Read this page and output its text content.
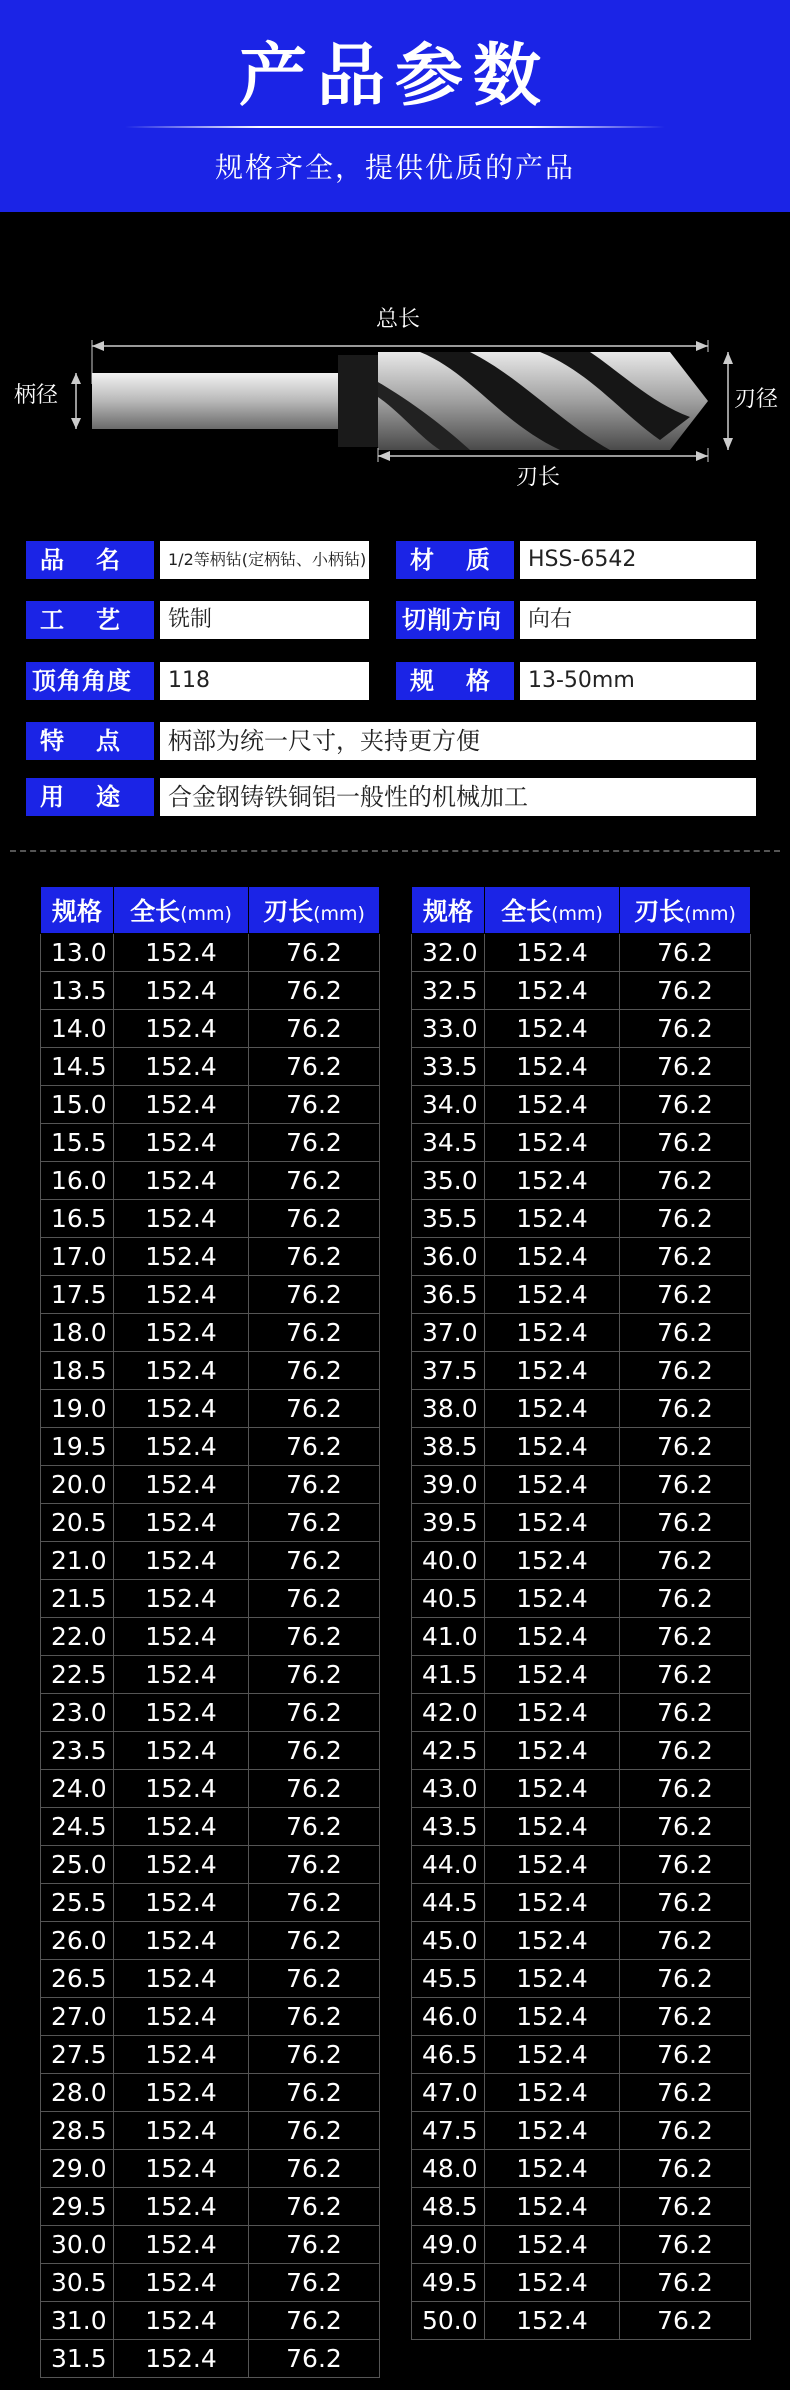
产品参数
规格齐全，提供优质的产品
总长
柄径	刃径
刃长
品　名	1/2等柄钻(定柄钻、小柄钻)	材　质	HSS-6542
工　艺	铣制	切削方向	向右
顶角角度	118	规　格	13-50mm
特　点	柄部为统一尺寸，夹持更方便
用　途	合金钢铸铁铜铝一般性的机械加工
规格	全长(mm)	刃长(mm)
13.0	152.4	76.2
13.5	152.4	76.2
14.0	152.4	76.2
14.5	152.4	76.2
15.0	152.4	76.2
15.5	152.4	76.2
16.0	152.4	76.2
16.5	152.4	76.2
17.0	152.4	76.2
17.5	152.4	76.2
18.0	152.4	76.2
18.5	152.4	76.2
19.0	152.4	76.2
19.5	152.4	76.2
20.0	152.4	76.2
20.5	152.4	76.2
21.0	152.4	76.2
21.5	152.4	76.2
22.0	152.4	76.2
22.5	152.4	76.2
23.0	152.4	76.2
23.5	152.4	76.2
24.0	152.4	76.2
24.5	152.4	76.2
25.0	152.4	76.2
25.5	152.4	76.2
26.0	152.4	76.2
26.5	152.4	76.2
27.0	152.4	76.2
27.5	152.4	76.2
28.0	152.4	76.2
28.5	152.4	76.2
29.0	152.4	76.2
29.5	152.4	76.2
30.0	152.4	76.2
30.5	152.4	76.2
31.0	152.4	76.2
31.5	152.4	76.2
规格	全长(mm)	刃长(mm)
32.0	152.4	76.2
32.5	152.4	76.2
33.0	152.4	76.2
33.5	152.4	76.2
34.0	152.4	76.2
34.5	152.4	76.2
35.0	152.4	76.2
35.5	152.4	76.2
36.0	152.4	76.2
36.5	152.4	76.2
37.0	152.4	76.2
37.5	152.4	76.2
38.0	152.4	76.2
38.5	152.4	76.2
39.0	152.4	76.2
39.5	152.4	76.2
40.0	152.4	76.2
40.5	152.4	76.2
41.0	152.4	76.2
41.5	152.4	76.2
42.0	152.4	76.2
42.5	152.4	76.2
43.0	152.4	76.2
43.5	152.4	76.2
44.0	152.4	76.2
44.5	152.4	76.2
45.0	152.4	76.2
45.5	152.4	76.2
46.0	152.4	76.2
46.5	152.4	76.2
47.0	152.4	76.2
47.5	152.4	76.2
48.0	152.4	76.2
48.5	152.4	76.2
49.0	152.4	76.2
49.5	152.4	76.2
50.0	152.4	76.2
